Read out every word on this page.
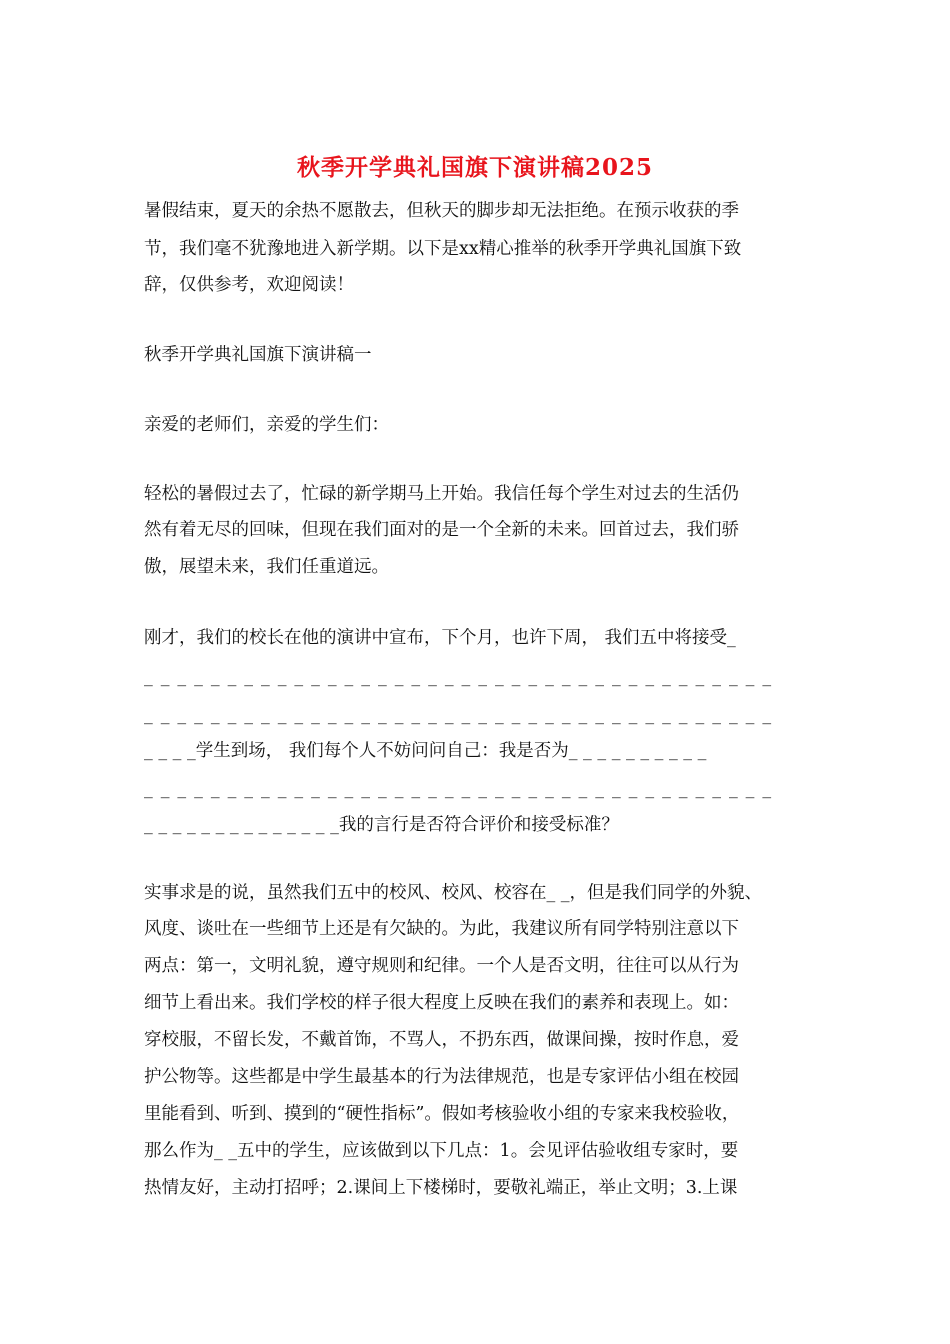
秋季开学典礼国旗下演讲稿2025
暑假结束，夏天的余热不愿散去，但秋天的脚步却无法拒绝。在预示收获的季
节，我们毫不犹豫地进入新学期。以下是xx精心推举的秋季开学典礼国旗下致
辞，仅供参考，欢迎阅读！
秋季开学典礼国旗下演讲稿一
亲爱的老师们，亲爱的学生们：
轻松的暑假过去了，忙碌的新学期马上开始。我信任每个学生对过去的生活仍
然有着无尽的回味，但现在我们面对的是一个全新的未来。回首过去，我们骄
傲，展望未来，我们任重道远。
刚才，我们的校长在他的演讲中宣布，下个月，也许下周， 我们五中将接受_
_ _ _ _ _ _ _ _ _ _ _ _ _ _ _ _ _ _ _ _ _ _ _ _ _ _ _ _ _ _ _ _ _ _ _ _ _ _
_ _ _ _ _ _ _ _ _ _ _ _ _ _ _ _ _ _ _ _ _ _ _ _ _ _ _ _ _ _ _ _ _ _ _ _ _ _
_ _ _ _学生到场， 我们每个人不妨问问自己：我是否为_ _ _ _ _ _ _ _ _ _
_ _ _ _ _ _ _ _ _ _ _ _ _ _ _ _ _ _ _ _ _ _ _ _ _ _ _ _ _ _ _ _ _ _ _ _ _ _
_ _ _ _ _ _ _ _ _ _ _ _ _ _我的言行是否符合评价和接受标准？
实事求是的说，虽然我们五中的校风、校风、校容在_ _，但是我们同学的外貌、
风度、谈吐在一些细节上还是有欠缺的。为此，我建议所有同学特别注意以下
两点：第一，文明礼貌，遵守规则和纪律。一个人是否文明，往往可以从行为
细节上看出来。我们学校的样子很大程度上反映在我们的素养和表现上。如：
穿校服，不留长发，不戴首饰，不骂人，不扔东西，做课间操，按时作息，爱
护公物等。这些都是中学生最基本的行为法律规范，也是专家评估小组在校园
里能看到、听到、摸到的“硬性指标”。假如考核验收小组的专家来我校验收，
那么作为_ _五中的学生，应该做到以下几点：1。会见评估验收组专家时，要
热情友好，主动打招呼；2.课间上下楼梯时，要敬礼端正，举止文明；3.上课
